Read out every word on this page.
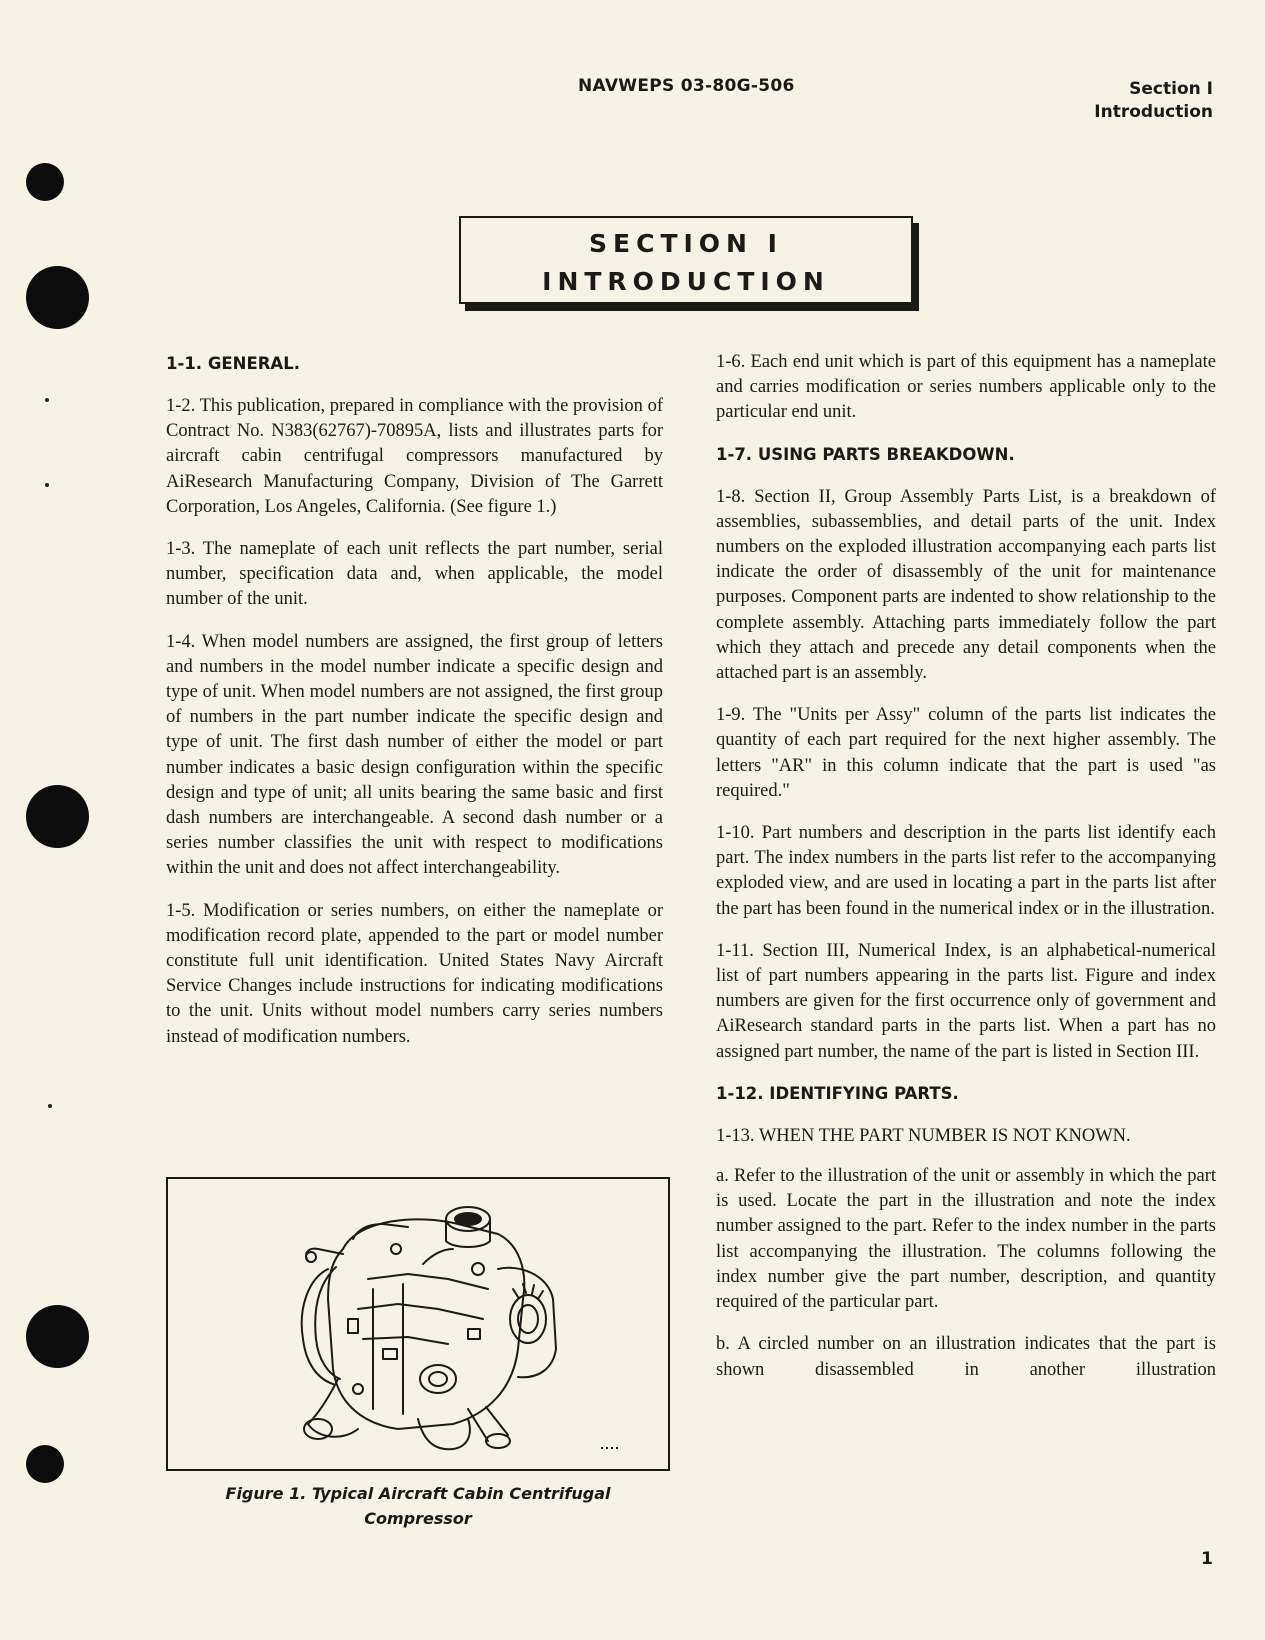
NAVWEPS 03-80G-506	Section I
Introduction
SECTION I
INTRODUCTION
1-1. GENERAL.

1-2. This publication, prepared in compliance with the provision of Contract No. N383(62767)-70895A, lists and illustrates parts for aircraft cabin centrifugal compressors manufactured by AiResearch Manufacturing Company, Division of The Garrett Corporation, Los Angeles, California. (See figure 1.)

1-3. The nameplate of each unit reflects the part number, serial number, specification data and, when applicable, the model number of the unit.

1-4. When model numbers are assigned, the first group of letters and numbers in the model number indicate a specific design and type of unit. When model numbers are not assigned, the first group of numbers in the part number indicate the specific design and type of unit. The first dash number of either the model or part number indicates a basic design configuration within the specific design and type of unit; all units bearing the same basic and first dash numbers are interchangeable. A second dash number or a series number classifies the unit with respect to modifications within the unit and does not affect interchangeability.

1-5. Modification or series numbers, on either the nameplate or modification record plate, appended to the part or model number constitute full unit identification. United States Navy Aircraft Service Changes include instructions for indicating modifications to the unit. Units without model numbers carry series numbers instead of modification numbers.

Figure 1. Typical Aircraft Cabin Centrifugal
Compressor

1-6. Each end unit which is part of this equipment has a nameplate and carries modification or series numbers applicable only to the particular end unit.

1-7. USING PARTS BREAKDOWN.

1-8. Section II, Group Assembly Parts List, is a breakdown of assemblies, subassemblies, and detail parts of the unit. Index numbers on the exploded illustration accompanying each parts list indicate the order of disassembly of the unit for maintenance purposes. Component parts are indented to show relationship to the complete assembly. Attaching parts immediately follow the part which they attach and precede any detail components when the attached part is an assembly.

1-9. The "Units per Assy" column of the parts list indicates the quantity of each part required for the next higher assembly. The letters "AR" in this column indicate that the part is used "as required."

1-10. Part numbers and description in the parts list identify each part. The index numbers in the parts list refer to the accompanying exploded view, and are used in locating a part in the parts list after the part has been found in the numerical index or in the illustration.

1-11. Section III, Numerical Index, is an alphabetical-numerical list of part numbers appearing in the parts list. Figure and index numbers are given for the first occurrence only of government and AiResearch standard parts in the parts list. When a part has no assigned part number, the name of the part is listed in Section III.

1-12. IDENTIFYING PARTS.

1-13. WHEN THE PART NUMBER IS NOT KNOWN.

a. Refer to the illustration of the unit or assembly in which the part is used. Locate the part in the illustration and note the index number assigned to the part. Refer to the index number in the parts list accompanying the illustration. The columns following the index number give the part number, description, and quantity required of the particular part.

b. A circled number on an illustration indicates that the part is shown disassembled in another illustration

1
